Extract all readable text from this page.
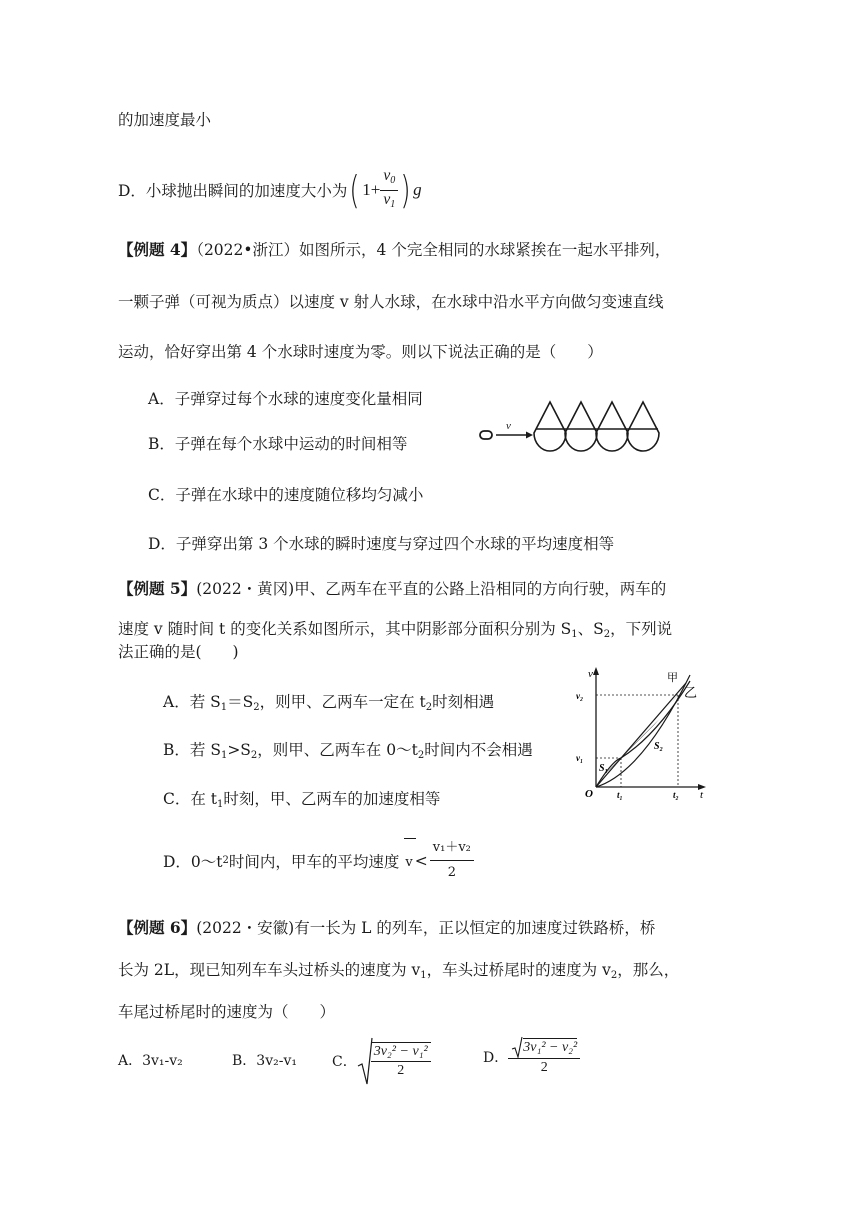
的加速度最小
D．小球抛出瞬间的加速度大小为 ( $1+ \frac{v_0}{v_1}$ ) g
【例题 4】（2022•浙江）如图所示，4 个完全相同的水球紧挨在一起水平排列，
一颗子弹（可视为质点）以速度 v 射人水球，在水球中沿水平方向做匀变速直线
运动，恰好穿出第 4 个水球时速度为零。则以下说法正确的是（　　）
A．子弹穿过每个水球的速度变化量相同
B．子弹在每个水球中运动的时间相等
C．子弹在水球中的速度随位移均匀减小
D．子弹穿出第 3 个水球的瞬时速度与穿过四个水球的平均速度相等
v
【例题 5】(2022・黄冈)甲、乙两车在平直的公路上沿相同的方向行驶，两车的
速度 v 随时间 t 的变化关系如图所示，其中阴影部分面积分别为 $S_1$、$S_2$，下列说
法正确的是(　　)
A．若 $S_1=S_2$，则甲、乙两车一定在 $t_2$时刻相遇
B．若 $S_1>S_2$，则甲、乙两车在 $0\sim t_2$时间内不会相遇
C．在 $t_1$时刻，甲、乙两车的加速度相等
D．0～t 2 时间内，甲车的平均速度 $v < \frac{\text{v₁＋v₂}}{2}$
v
t
O
v₂
v₁
t₁	t₂
甲
乙
S₁
S₂
【例题 6】(2022・安徽)有一长为 L 的列车，正以恒定的加速度过铁路桥，桥
长为 2L，现已知列车车头过桥头的速度为 $v_1$，车头过桥尾时的速度为 $v_2$，那么，
车尾过桥尾时的速度为（　　）
A．3v₁-v₂	B．3v₂-v₁	C． $\frac{\text{3v₂² − v₁²}}{2}$	D． $\frac{\text{3v₁² − v₂²}}{2}$
